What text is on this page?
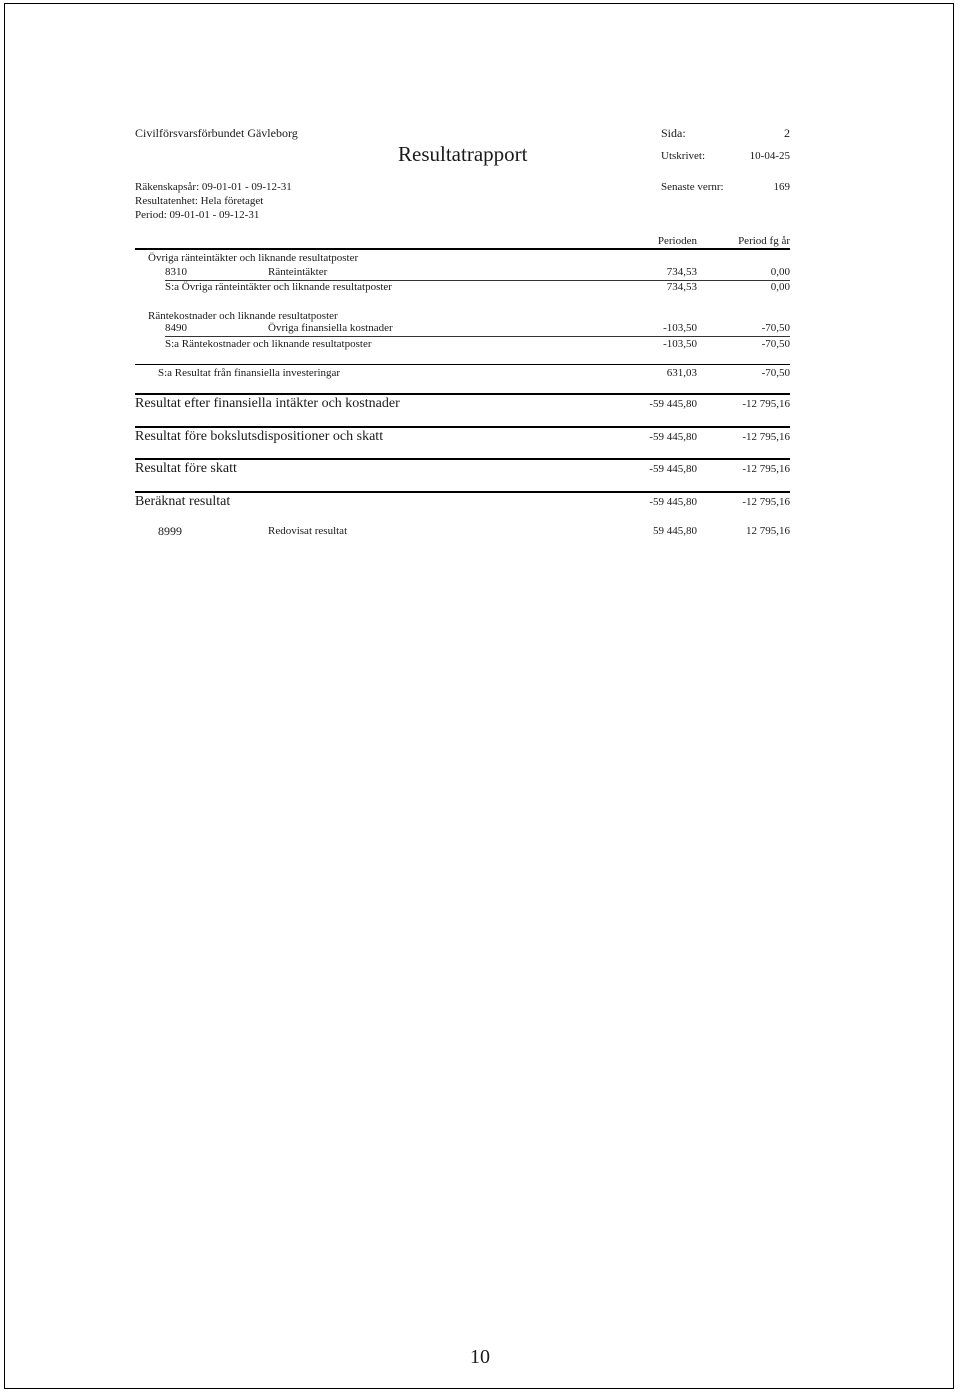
Civilförsvarsförbundet Gävleborg
Resultatrapport
Sida:	2
Utskrivet:	10-04-25
Räkenskapsår: 09-01-01 - 09-12-31
Resultatenhet: Hela företaget
Period: 09-01-01 - 09-12-31
Senaste vernr:	169
Perioden	Period fg år
Övriga ränteintäkter och liknande resultatposter
8310	Ränteintäkter	734,53	0,00
S:a Övriga ränteintäkter och liknande resultatposter	734,53	0,00
Räntekostnader och liknande resultatposter
8490	Övriga finansiella kostnader	-103,50	-70,50
S:a Räntekostnader och liknande resultatposter	-103,50	-70,50
S:a Resultat från finansiella investeringar	631,03	-70,50
Resultat efter finansiella intäkter och kostnader	-59 445,80	-12 795,16
Resultat före bokslutsdispositioner och skatt	-59 445,80	-12 795,16
Resultat före skatt	-59 445,80	-12 795,16
Beräknat resultat	-59 445,80	-12 795,16
8999	Redovisat resultat	59 445,80	12 795,16
10
